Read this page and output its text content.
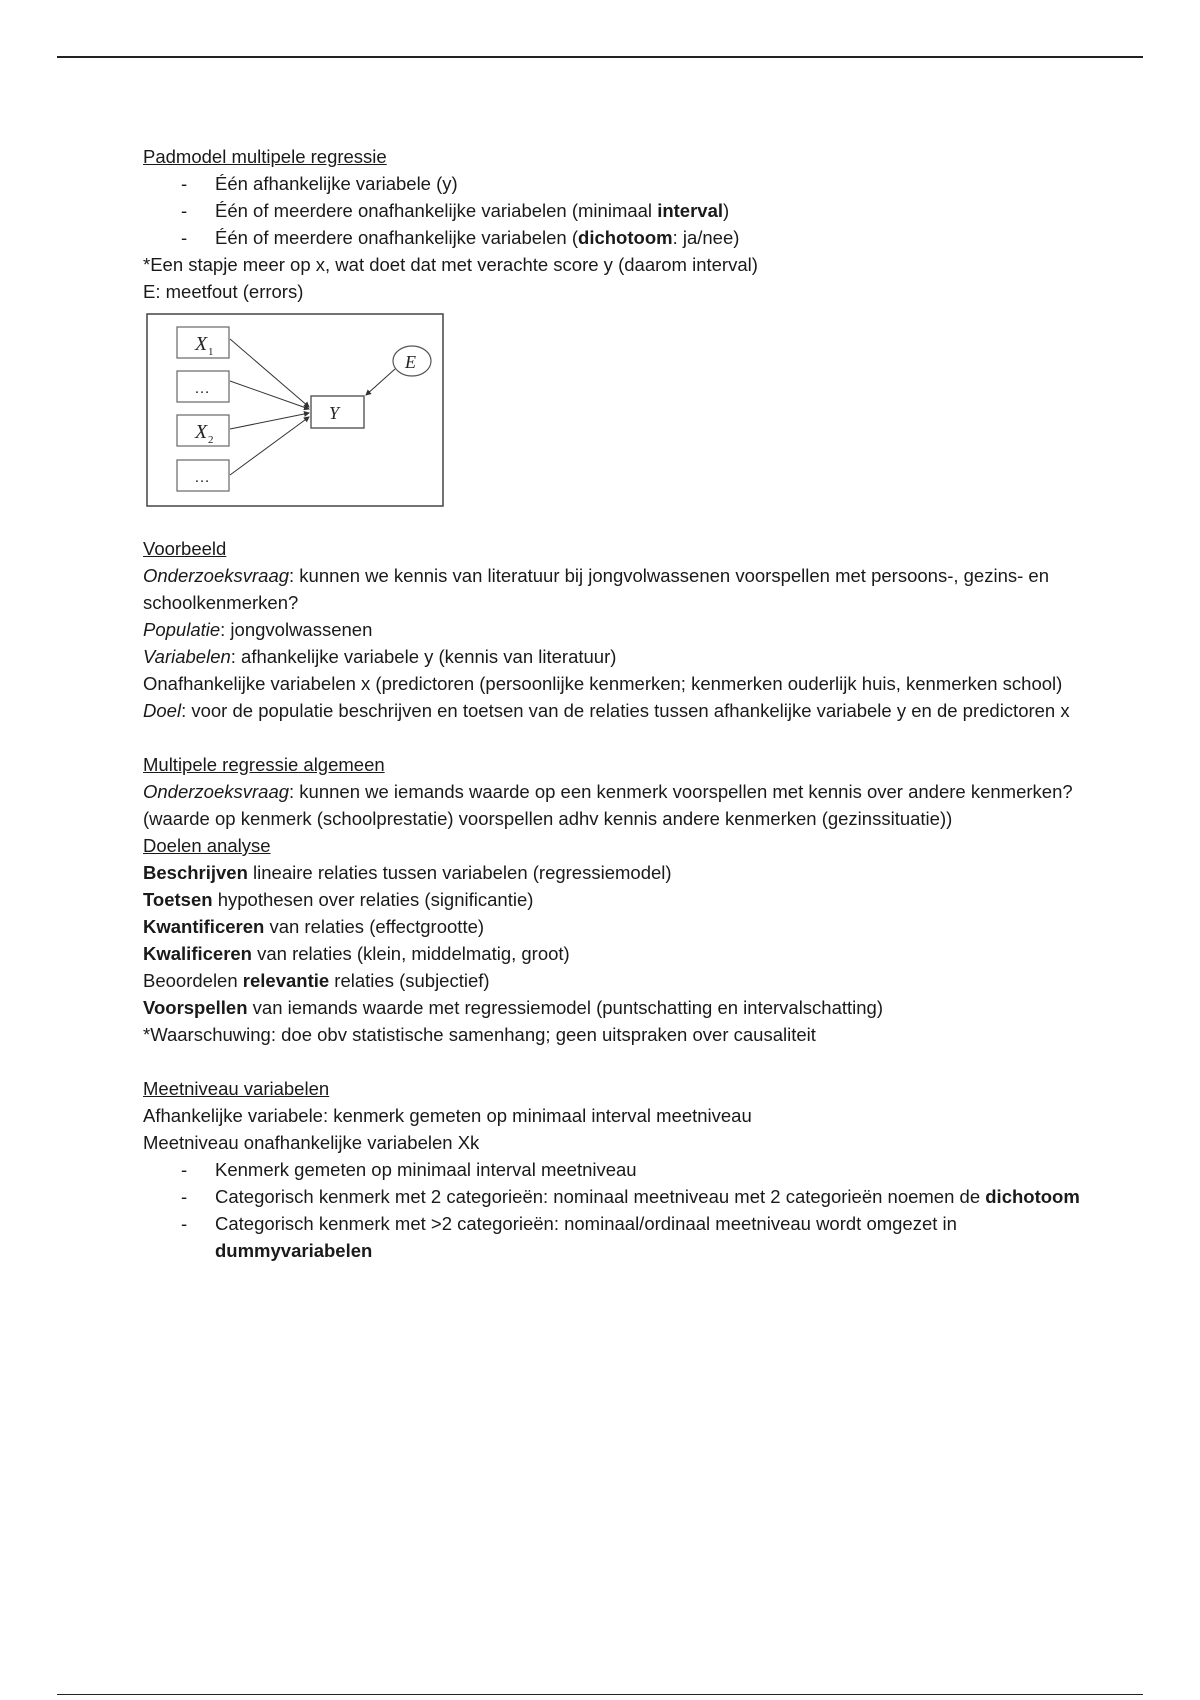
Padmodel multipele regressie

- Één afhankelijke variabele (y)
- Één of meerdere onafhankelijke variabelen (minimaal interval)
- Één of meerdere onafhankelijke variabelen (dichotoom: ja/nee)

*Een stapje meer op x, wat doet dat met verachte score y (daarom interval)

E: meetfout (errors)

X 1
…
X 2
…
Y
E

Voorbeeld

Onderzoeksvraag: kunnen we kennis van literatuur bij jongvolwassenen voorspellen met persoons-, gezins- en schoolkenmerken?

Populatie: jongvolwassenen

Variabelen: afhankelijke variabele y (kennis van literatuur)

Onafhankelijke variabelen x (predictoren (persoonlijke kenmerken; kenmerken ouderlijk huis, kenmerken school)

Doel: voor de populatie beschrijven en toetsen van de relaties tussen afhankelijke variabele y en de predictoren x

Multipele regressie algemeen

Onderzoeksvraag: kunnen we iemands waarde op een kenmerk voorspellen met kennis over andere kenmerken?

(waarde op kenmerk (schoolprestatie) voorspellen adhv kennis andere kenmerken (gezinssituatie))

Doelen analyse

Beschrijven lineaire relaties tussen variabelen (regressiemodel)

Toetsen hypothesen over relaties (significantie)

Kwantificeren van relaties (effectgrootte)

Kwalificeren van relaties (klein, middelmatig, groot)

Beoordelen relevantie relaties (subjectief)

Voorspellen van iemands waarde met regressiemodel (puntschatting en intervalschatting)

*Waarschuwing: doe obv statistische samenhang; geen uitspraken over causaliteit

Meetniveau variabelen

Afhankelijke variabele: kenmerk gemeten op minimaal interval meetniveau

Meetniveau onafhankelijke variabelen Xk

- Kenmerk gemeten op minimaal interval meetniveau
- Categorisch kenmerk met 2 categorieën: nominaal meetniveau met 2 categorieën noemen de dichotoom
- Categorisch kenmerk met >2 categorieën: nominaal/ordinaal meetniveau wordt omgezet in dummyvariabelen
